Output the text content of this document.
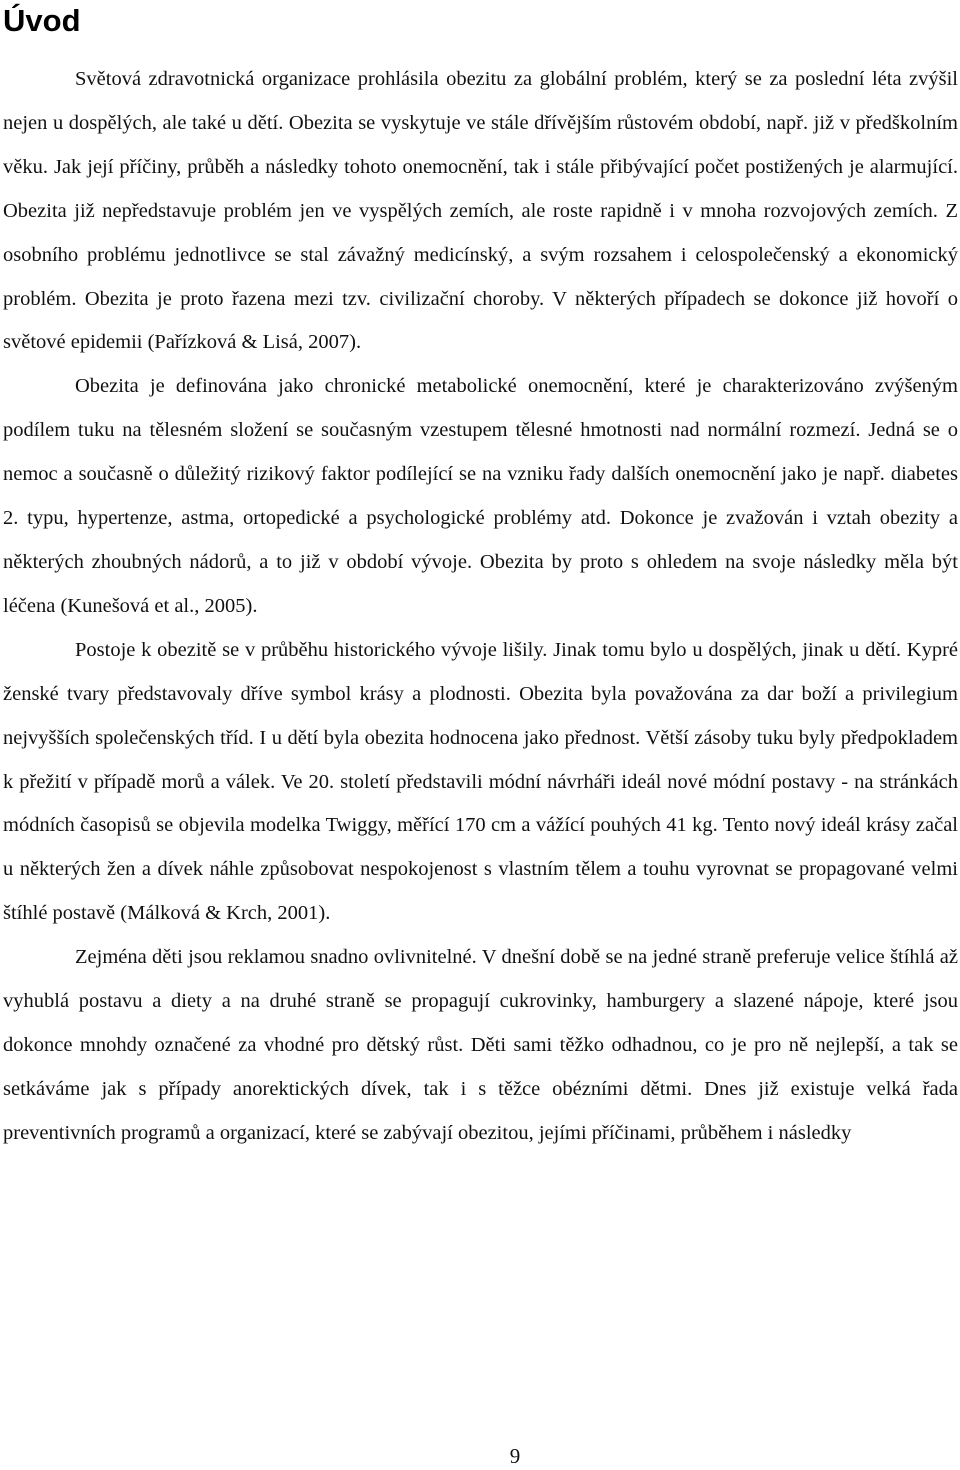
Úvod

Světová zdravotnická organizace prohlásila obezitu za globální problém, který se za poslední léta zvýšil nejen u dospělých, ale také u dětí. Obezita se vyskytuje ve stále dřívějším růstovém období, např. již v předškolním věku. Jak její příčiny, průběh a následky tohoto onemocnění, tak i stále přibývající počet postižených je alarmující. Obezita již nepředstavuje problém jen ve vyspělých zemích, ale roste rapidně i v mnoha rozvojových zemích. Z osobního problému jednotlivce se stal závažný medicínský, a svým rozsahem i celospolečenský a ekonomický problém. Obezita je proto řazena mezi tzv. civilizační choroby. V některých případech se dokonce již hovoří o světové epidemii (Pařízková & Lisá, 2007).

Obezita je definována jako chronické metabolické onemocnění, které je charakterizováno zvýšeným podílem tuku na tělesném složení se současným vzestupem tělesné hmotnosti nad normální rozmezí. Jedná se o nemoc a současně o důležitý rizikový faktor podílející se na vzniku řady dalších onemocnění jako je např. diabetes 2. typu, hypertenze, astma, ortopedické a psychologické problémy atd. Dokonce je zvažován i vztah obezity a některých zhoubných nádorů, a to již v období vývoje. Obezita by proto s ohledem na svoje následky měla být léčena (Kunešová et al., 2005).

Postoje k obezitě se v průběhu historického vývoje lišily. Jinak tomu bylo u dospělých, jinak u dětí. Kypré ženské tvary představovaly dříve symbol krásy a plodnosti. Obezita byla považována za dar boží a privilegium nejvyšších společenských tříd. I u dětí byla obezita hodnocena jako přednost. Větší zásoby tuku byly předpokladem k přežití v případě morů a válek. Ve 20. století představili módní návrháři ideál nové módní postavy - na stránkách módních časopisů se objevila modelka Twiggy, měřící 170 cm a vážící pouhých 41 kg. Tento nový ideál krásy začal u některých žen a dívek náhle způsobovat nespokojenost s vlastním tělem a touhu vyrovnat se propagované velmi štíhlé postavě (Málková & Krch, 2001).

Zejména děti jsou reklamou snadno ovlivnitelné. V dnešní době se na jedné straně preferuje velice štíhlá až vyhublá postavu a diety a na druhé straně se propagují cukrovinky, hamburgery a slazené nápoje, které jsou dokonce mnohdy označené za vhodné pro dětský růst. Děti sami těžko odhadnou, co je pro ně nejlepší, a tak se setkáváme jak s případy anorektických dívek, tak i s těžce obézními dětmi. Dnes již existuje velká řada preventivních programů a organizací, které se zabývají obezitou, jejími příčinami, průběhem i následky

9
